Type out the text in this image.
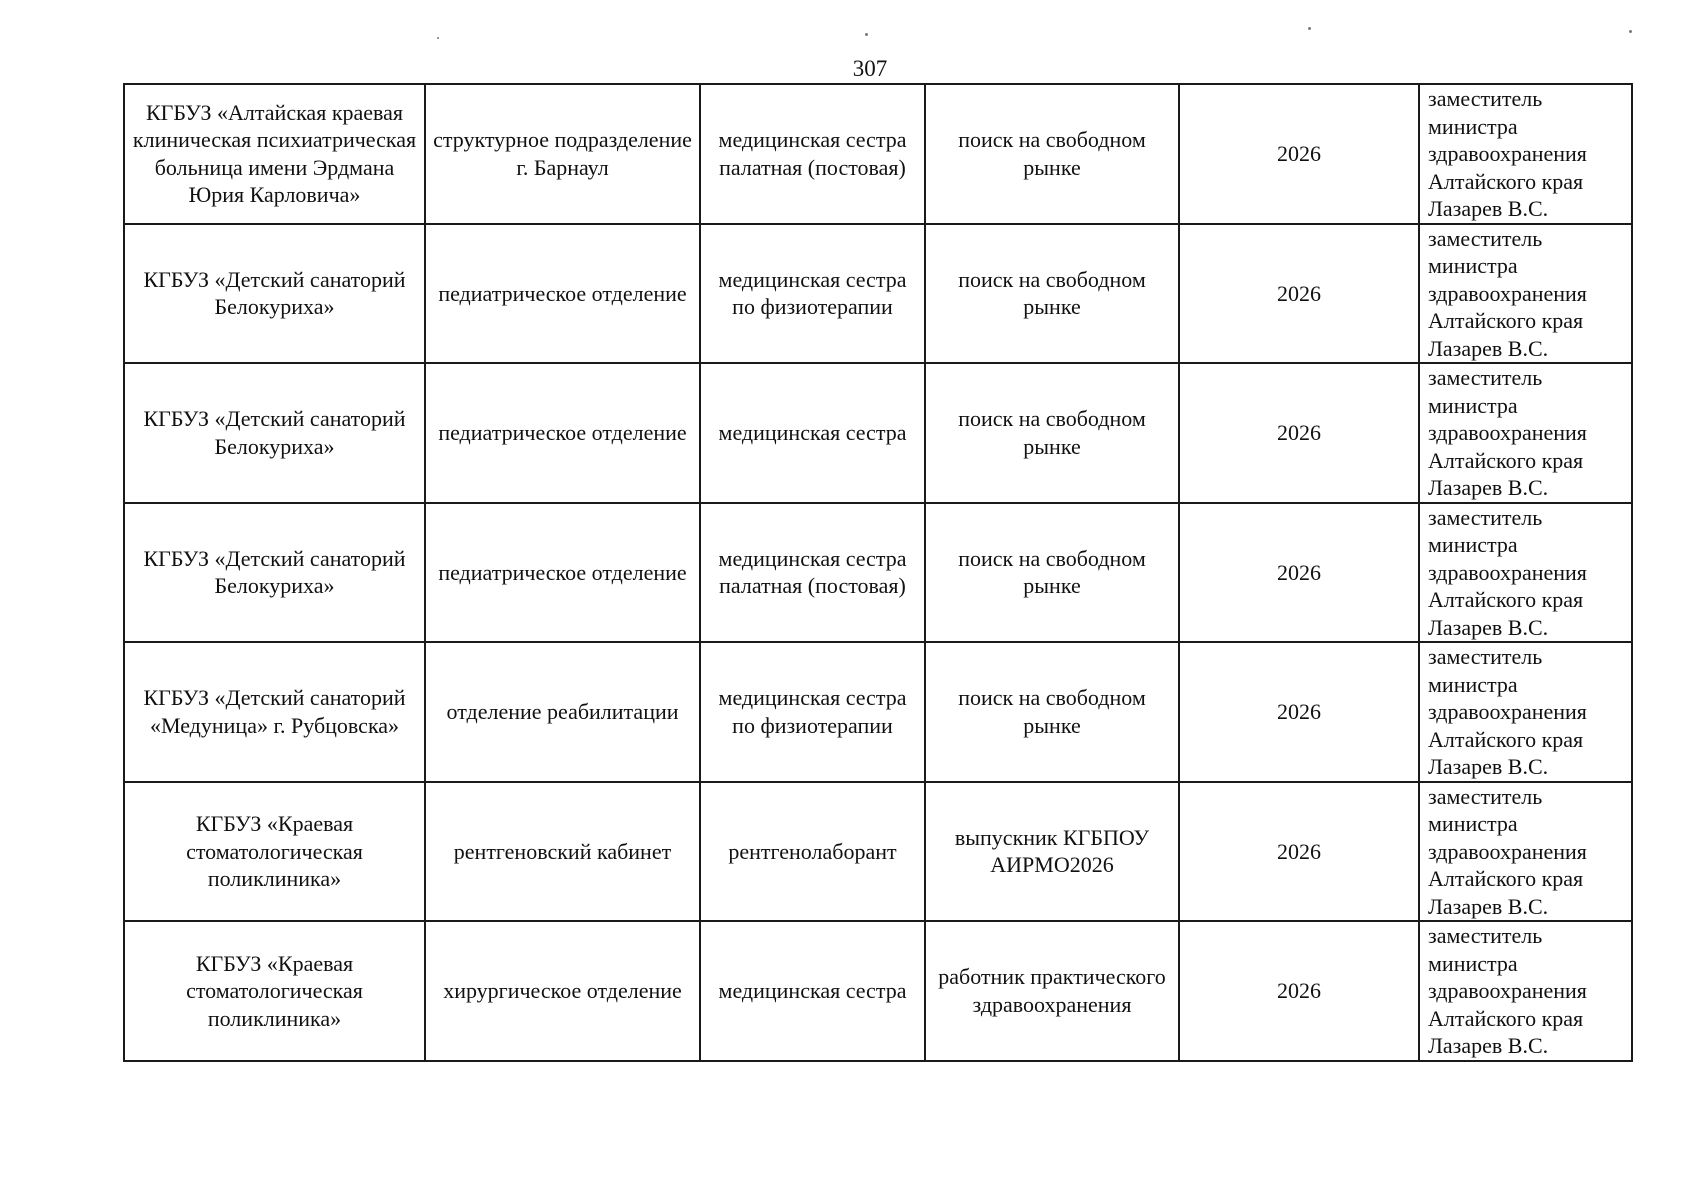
307
КГБУЗ «Алтайская краевая клиническая психиатрическая больница имени Эрдмана Юрия Карловича»	структурное подразделение г. Барнаул	медицинская сестра палатная (постовая)	поиск на свободном рынке	2026	заместитель министра здравоохранения Алтайского края Лазарев В.С.

КГБУЗ «Детский санаторий Белокуриха»	педиатрическое отделение	медицинская сестра по физиотерапии	поиск на свободном рынке	2026	заместитель министра здравоохранения Алтайского края Лазарев В.С.

КГБУЗ «Детский санаторий Белокуриха»	педиатрическое отделение	медицинская сестра	поиск на свободном рынке	2026	заместитель министра здравоохранения Алтайского края Лазарев В.С.

КГБУЗ «Детский санаторий Белокуриха»	педиатрическое отделение	медицинская сестра палатная (постовая)	поиск на свободном рынке	2026	заместитель министра здравоохранения Алтайского края Лазарев В.С.

КГБУЗ «Детский санаторий «Медуница» г. Рубцовска»	отделение реабилитации	медицинская сестра по физиотерапии	поиск на свободном рынке	2026	заместитель министра здравоохранения Алтайского края Лазарев В.С.

КГБУЗ «Краевая стоматологическая поликлиника»	рентгеновский кабинет	рентгенолаборант	выпускник КГБПОУ АИРМО2026	2026	заместитель министра здравоохранения Алтайского края Лазарев В.С.

КГБУЗ «Краевая стоматологическая поликлиника»	хирургическое отделение	медицинская сестра	работник практического здравоохранения	2026	заместитель министра здравоохранения Алтайского края Лазарев В.С.
